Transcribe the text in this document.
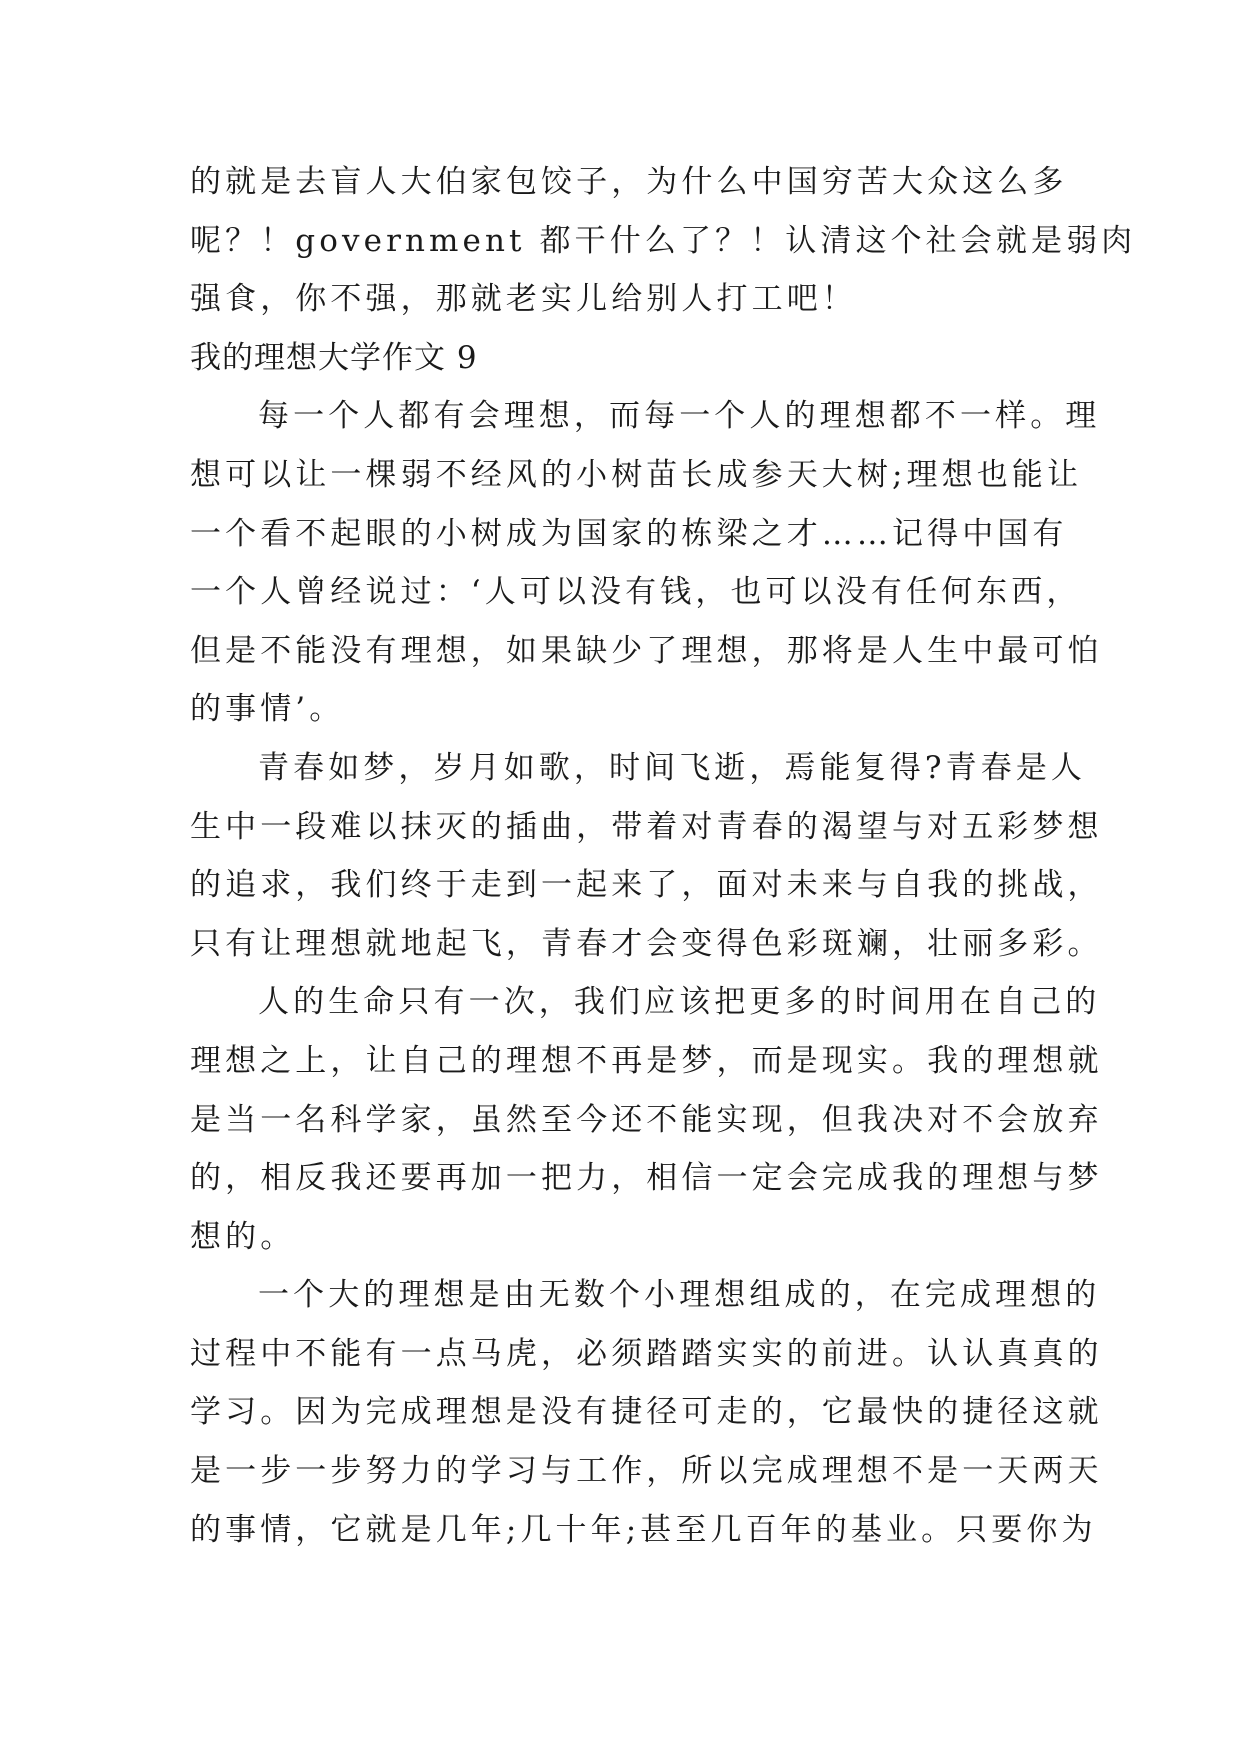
的就是去盲人大伯家包饺子，为什么中国穷苦大众这么多
呢？！government 都干什么了？！认清这个社会就是弱肉
强食，你不强，那就老实儿给别人打工吧！
我的理想大学作文 9
每一个人都有会理想，而每一个人的理想都不一样。理
想可以让一棵弱不经风的小树苗长成参天大树;理想也能让
一个看不起眼的小树成为国家的栋梁之才……记得中国有
一个人曾经说过：‘人可以没有钱，也可以没有任何东西，
但是不能没有理想，如果缺少了理想，那将是人生中最可怕
的事情’。
青春如梦，岁月如歌，时间飞逝，焉能复得?青春是人
生中一段难以抹灭的插曲，带着对青春的渴望与对五彩梦想
的追求，我们终于走到一起来了，面对未来与自我的挑战，
只有让理想就地起飞，青春才会变得色彩斑斓，壮丽多彩。
人的生命只有一次，我们应该把更多的时间用在自己的
理想之上，让自己的理想不再是梦，而是现实。我的理想就
是当一名科学家，虽然至今还不能实现，但我决对不会放弃
的，相反我还要再加一把力，相信一定会完成我的理想与梦
想的。
一个大的理想是由无数个小理想组成的，在完成理想的
过程中不能有一点马虎，必须踏踏实实的前进。认认真真的
学习。因为完成理想是没有捷径可走的，它最快的捷径这就
是一步一步努力的学习与工作，所以完成理想不是一天两天
的事情，它就是几年;几十年;甚至几百年的基业。只要你为
